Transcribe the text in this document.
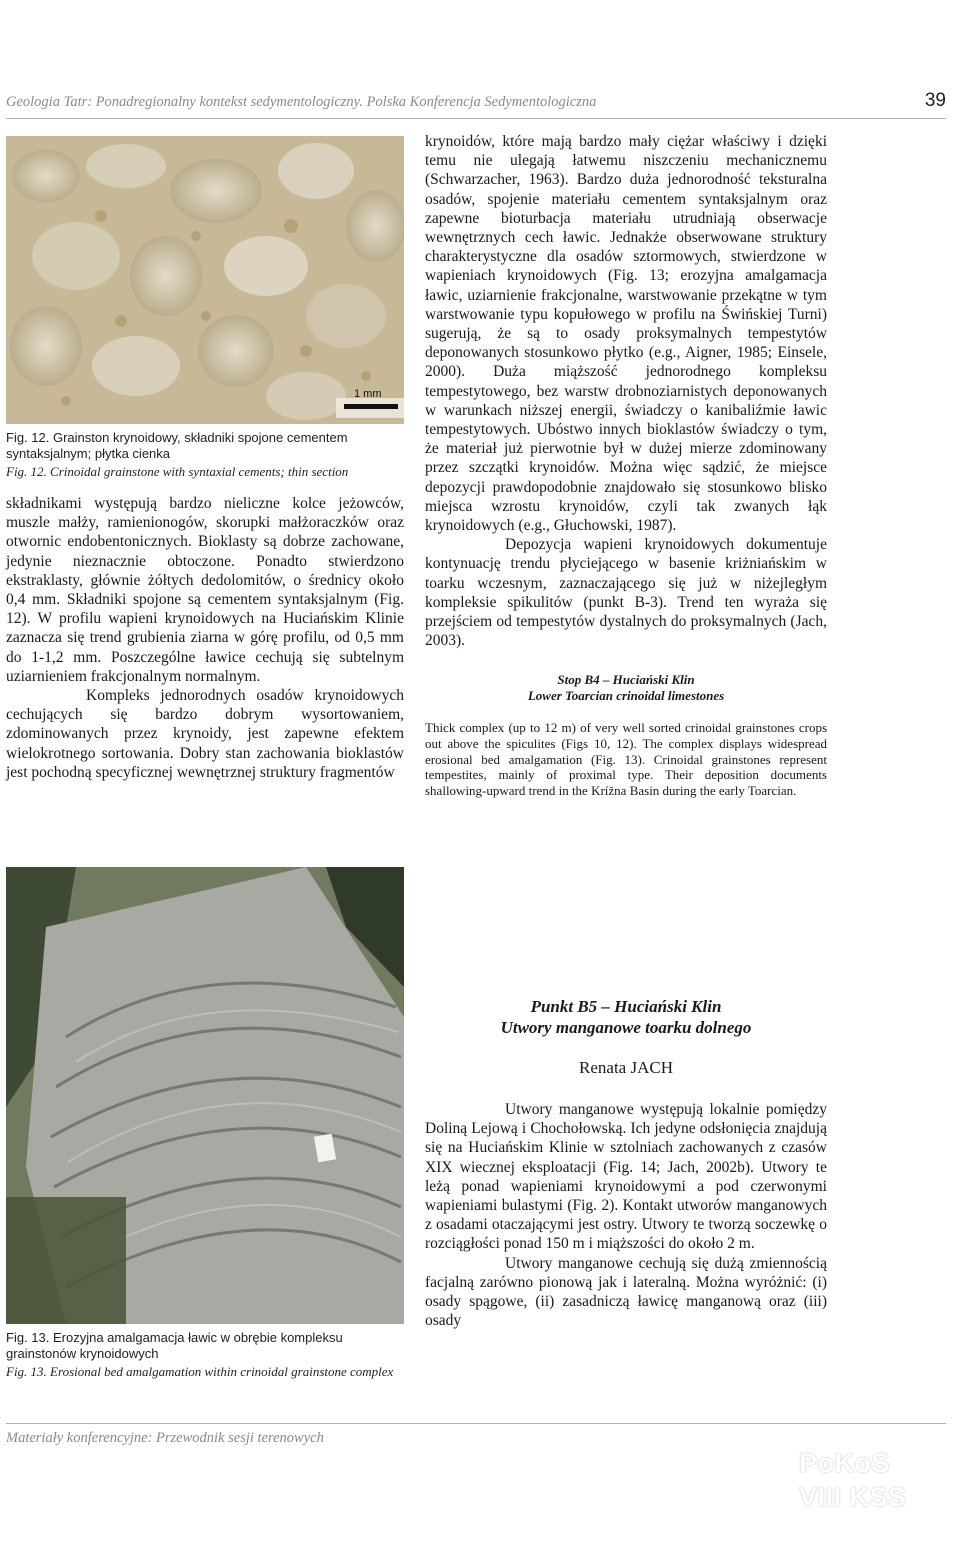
Geologia Tatr: Ponadregionalny kontekst sedymentologiczny. Polska Konferencja Sedymentologiczna	39
1 mm

Fig. 12. Grainston krynoidowy, składniki spojone cementem syntaksjalnym; płytka cienka

Fig. 12. Crinoidal grainstone with syntaxial cements; thin section

składnikami występują bardzo nieliczne kolce jeżowców, muszle małży, ramienionogów, skorupki małżoraczków oraz otwornic endobentonicznych. Bioklasty są dobrze zachowane, jedynie nieznacznie obtoczone. Ponadto stwierdzono ekstraklasty, głównie żółtych dedolomitów, o średnicy około 0,4 mm. Składniki spojone są cementem syntaksjalnym (Fig. 12). W profilu wapieni krynoidowych na Huciańskim Klinie zaznacza się trend grubienia ziarna w górę profilu, od 0,5 mm do 1-1,2 mm. Poszczególne ławice cechują się subtelnym uziarnieniem frakcjonalnym normalnym.

Kompleks jednorodnych osadów krynoidowych cechujących się bardzo dobrym wysortowaniem, zdominowanych przez krynoidy, jest zapewne efektem wielokrotnego sortowania. Dobry stan zachowania bioklastów jest pochodną specyficznej wewnętrznej struktury fragmentów

Fig. 13. Erozyjna amalgamacja ławic w obrębie kompleksu grainstonów krynoidowych

Fig. 13. Erosional bed amalgamation within crinoidal grainstone complex

krynoidów, które mają bardzo mały ciężar właściwy i dzięki temu nie ulegają łatwemu niszczeniu mechanicznemu (Schwarzacher, 1963). Bardzo duża jednorodność teksturalna osadów, spojenie materiału cementem syntaksjalnym oraz zapewne bioturbacja materiału utrudniają obserwacje wewnętrznych cech ławic. Jednakże obserwowane struktury charakterystyczne dla osadów sztormowych, stwierdzone w wapieniach krynoidowych (Fig. 13; erozyjna amalgamacja ławic, uziarnienie frakcjonalne, warstwowanie przekątne w tym warstwowanie typu kopułowego w profilu na Świńskiej Turni) sugerują, że są to osady proksymalnych tempestytów deponowanych stosunkowo płytko (e.g., Aigner, 1985; Einsele, 2000). Duża miąższość jednorodnego kompleksu tempestytowego, bez warstw drobnoziarnistych deponowanych w warunkach niższej energii, świadczy o kanibaliźmie ławic tempestytowych. Ubóstwo innych bioklastów świadczy o tym, że materiał już pierwotnie był w dużej mierze zdominowany przez szczątki krynoidów. Można więc sądzić, że miejsce depozycji prawdopodobnie znajdowało się stosunkowo blisko miejsca wzrostu krynoidów, czyli tak zwanych łąk krynoidowych (e.g., Głuchowski, 1987).

Depozycja wapieni krynoidowych dokumentuje kontynuację trendu płyciejącego w basenie kriżniańskim w toarku wczesnym, zaznaczającego się już w niżejległym kompleksie spikulitów (punkt B-3). Trend ten wyraża się przejściem od tempestytów dystalnych do proksymalnych (Jach, 2003).

Stop B4 – Huciański Klin
Lower Toarcian crinoidal limestones

Thick complex (up to 12 m) of very well sorted crinoidal grainstones crops out above the spiculites (Figs 10, 12). The complex displays widespread erosional bed amalgamation (Fig. 13). Crinoidal grainstones represent tempestites, mainly of proximal type. Their deposition documents shallowing-upward trend in the Krížna Basin during the early Toarcian.

Punkt B5 – Huciański Klin
Utwory manganowe toarku dolnego
Renata JACH

Utwory manganowe występują lokalnie pomiędzy Doliną Lejową i Chochołowską. Ich jedyne odsłonięcia znajdują się na Huciańskim Klinie w sztolniach zachowanych z czasów XIX wiecznej eksploatacji (Fig. 14; Jach, 2002b). Utwory te leżą ponad wapieniami krynoidowymi a pod czerwonymi wapieniami bulastymi (Fig. 2). Kontakt utworów manganowych z osadami otaczającymi jest ostry. Utwory te tworzą soczewkę o rozciągłości ponad 150 m i miąższości do około 2 m.

Utwory manganowe cechują się dużą zmiennością facjalną zarówno pionową jak i lateralną. Można wyróżnić: (i) osady spągowe, (ii) zasadniczą ławicę manganową oraz (iii) osady

Materiały konferencyjne: Przewodnik sesji terenowych
PoKoS
VIII KSS
